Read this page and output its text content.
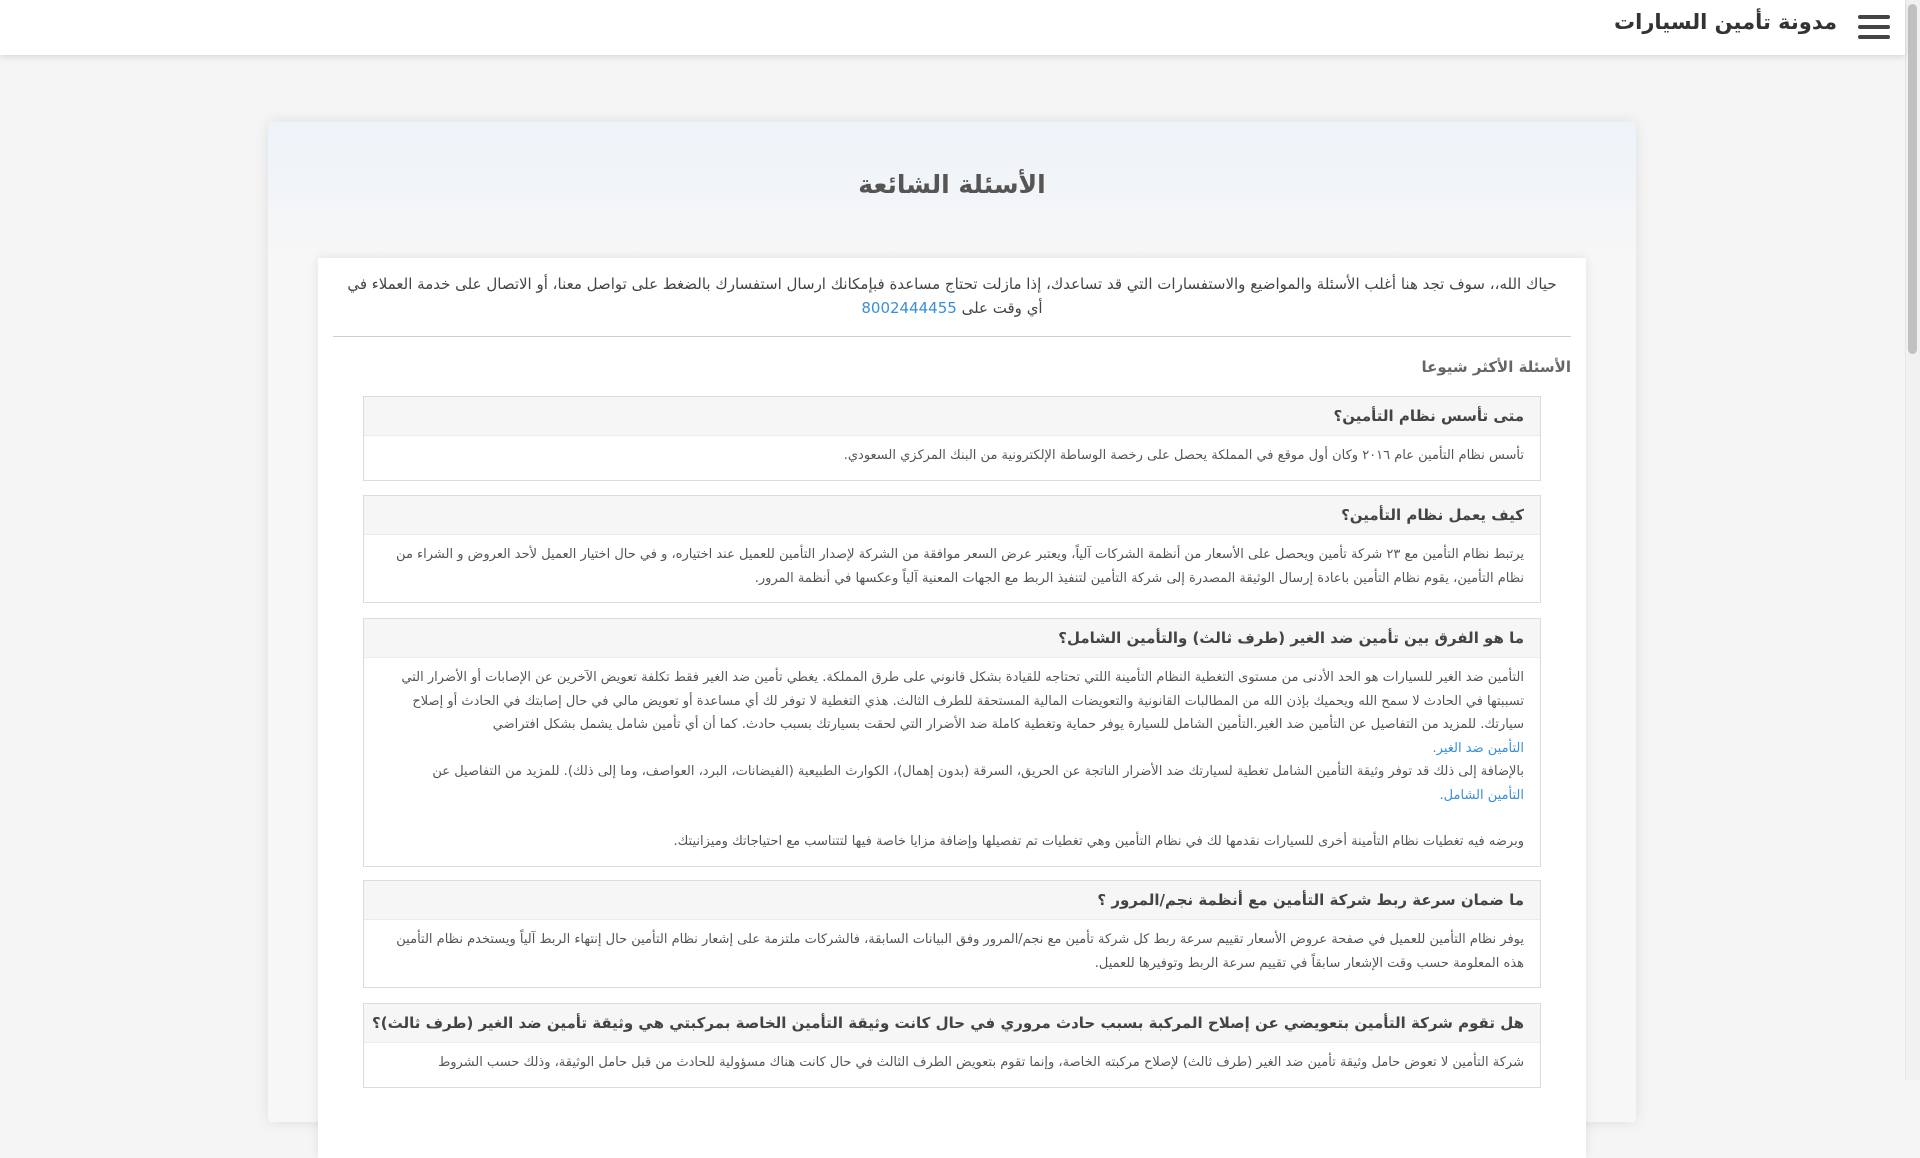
مدونة تأمين السيارات
الأسئلة الشائعة
حياك الله،، سوف تجد هنا أغلب الأسئلة والمواضيع والاستفسارات التي قد تساعدك، إذا مازلت تحتاج مساعدة فبإمكانك ارسال استفسارك بالضغط على تواصل معنا، أو الاتصال على خدمة العملاء في أي وقت على 8002444455
الأسئلة الأكثر شيوعا
متى تأسس نظام التأمين؟

تأسس نظام التأمين عام ٢٠١٦ وكان أول موقع في المملكة يحصل على رخصة الوساطة الإلكترونية من البنك المركزي السعودي.

كيف يعمل نظام التأمين؟

يرتبط نظام التأمين مع ٢٣ شركة تأمين ويحصل على الأسعار من أنظمة الشركات آلياً، ويعتبر عرض السعر موافقة من الشركة لإصدار التأمين للعميل عند اختياره، و في حال اختيار العميل لأحد العروض و الشراء من نظام التأمين، يقوم نظام التأمين باعادة إرسال الوثيقة المصدرة إلى شركة التأمين لتنفيذ الربط مع الجهات المعنية آلياً وعكسها في أنظمة المرور.

ما هو الفرق بين تأمين ضد الغير (طرف ثالث) والتأمين الشامل؟

التأمين ضد الغير للسيارات هو الحد الأدنى من مستوى التغطية النظام التأمينة اللتي تحتاجه للقيادة بشكل قانوني على طرق المملكة. يغطي تأمين ضد الغير فقط تكلفة تعويض الآخرين عن الإصابات أو الأضرار التي تسببتها في الحادث لا سمح الله ويحميك بإذن الله من المطالبات القانونية والتعويضات المالية المستحقة للطرف الثالث. هذي التغطية لا توفر لك أي مساعدة أو تعويض مالي في حال إصابتك في الحادث أو إصلاح سيارتك. للمزيد من التفاصيل عن التأمين ضد الغير.التأمين الشامل للسيارة يوفر حماية وتغطية كاملة ضد الأضرار التي لحقت بسيارتك بسبب حادث. كما أن أي تأمين شامل يشمل بشكل افتراضي

التأمين ضد الغير.

بالإضافة إلى ذلك قد توفر وثيقة التأمين الشامل تغطية لسيارتك ضد الأضرار الناتجة عن الحريق، السرقة (بدون إهمال)، الكوارث الطبيعية (الفيضانات، البرد، العواصف، وما إلى ذلك). للمزيد من التفاصيل عن

التأمين الشامل.

وبرضه فيه تغطيات نظام التأمينة أخرى للسيارات نقدمها لك في نظام التأمين وهي تغطيات تم تفصيلها وإضافة مزايا خاصة فيها لتتناسب مع احتياجاتك وميزانيتك.

ما ضمان سرعة ربط شركة التأمين مع أنظمة نجم/المرور ؟

يوفر نظام التأمين للعميل في صفحة عروض الأسعار تقييم سرعة ربط كل شركة تأمين مع نجم/المرور وفق البيانات السابقة، فالشركات ملتزمة على إشعار نظام التأمين حال إنتهاء الربط آلياً ويستخدم نظام التأمين هذه المعلومة حسب وقت الإشعار سابقاً في تقييم سرعة الربط وتوفيرها للعميل.

هل تقوم شركة التأمين بتعويضي عن إصلاح المركبة بسبب حادث مروري في حال كانت وثيقة التأمين الخاصة بمركبتي هي وثيقة تأمين ضد الغير (طرف ثالث)؟

شركة التأمين لا تعوض حامل وثيقة تأمين ضد الغير (طرف ثالث) لإصلاح مركبته الخاصة، وإنما تقوم بتعويض الطرف الثالث في حال كانت هناك مسؤولية للحادث من قبل حامل الوثيقة، وذلك حسب الشروط
